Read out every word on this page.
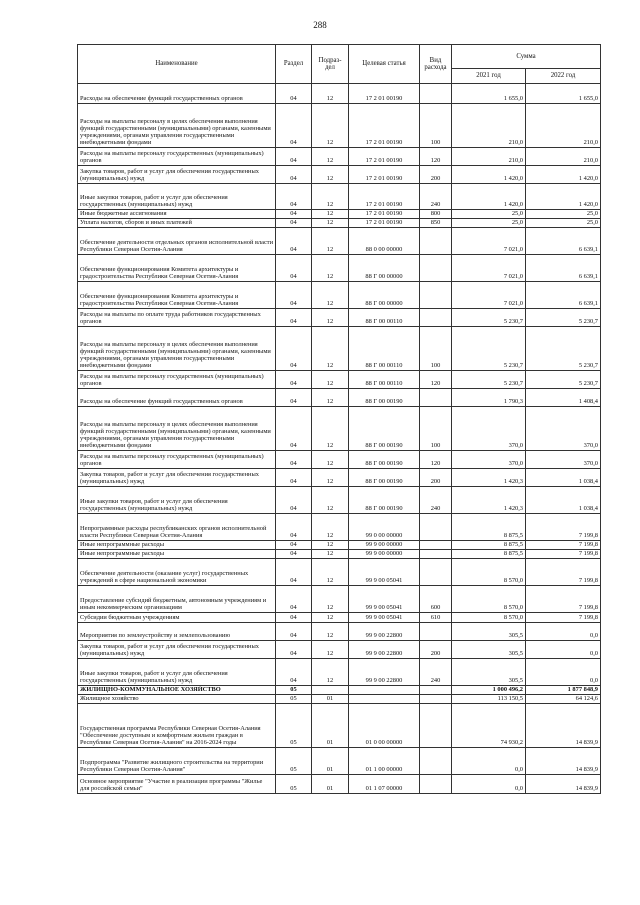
288
Наименование	Раздел	Подраз-дел	Целевая статья	Вид расхода	Сумма	
					2021 год	2022 год
Расходы на обеспечение функций государственных органов	04	12	17 2 01 00190		1 655,0	1 655,0
Расходы на выплаты персоналу в целях обеспечения выполнения функций государственными (муниципальными) органами, казенными учреждениями, органами управления государственными внебюджетными фондами	04	12	17 2 01 00190	100	210,0	210,0
Расходы на выплаты персоналу государственных (муниципальных) органов	04	12	17 2 01 00190	120	210,0	210,0
Закупка товаров, работ и услуг для обеспечения государственных (муниципальных) нужд	04	12	17 2 01 00190	200	1 420,0	1 420,0
Иные закупки товаров, работ и услуг для обеспечения государственных (муниципальных) нужд	04	12	17 2 01 00190	240	1 420,0	1 420,0
Иные бюджетные ассигнования	04	12	17 2 01 00190	800	25,0	25,0
Уплата налогов, сборов и иных платежей	04	12	17 2 01 00190	850	25,0	25,0
Обеспечение деятельности отдельных органов исполнительной власти Республики Северная Осетия-Алания	04	12	88 0 00 00000		7 021,0	6 639,1
Обеспечение функционирования Комитета архитектуры и градостроительства Республики Северная Осетия-Алания	04	12	88 Г 00 00000		7 021,0	6 639,1
Обеспечение функционирования Комитета архитектуры и градостроительства Республики Северная Осетия-Алания	04	12	88 Г 00 00000		7 021,0	6 639,1
Расходы на выплаты по оплате труда работников государственных органов	04	12	88 Г 00 00110		5 230,7	5 230,7
Расходы на выплаты персоналу в целях обеспечения выполнения функций государственными (муниципальными) органами, казенными учреждениями, органами управления государственными внебюджетными фондами	04	12	88 Г 00 00110	100	5 230,7	5 230,7
Расходы на выплаты персоналу государственных (муниципальных) органов	04	12	88 Г 00 00110	120	5 230,7	5 230,7
Расходы на обеспечение функций государственных органов	04	12	88 Г 00 00190		1 790,3	1 408,4
Расходы на выплаты персоналу в целях обеспечения выполнения функций государственными (муниципальными) органами, казенными учреждениями, органами управления государственными внебюджетными фондами	04	12	88 Г 00 00190	100	370,0	370,0
Расходы на выплаты персоналу государственных (муниципальных) органов	04	12	88 Г 00 00190	120	370,0	370,0
Закупка товаров, работ и услуг для обеспечения государственных (муниципальных) нужд	04	12	88 Г 00 00190	200	1 420,3	1 038,4
Иные закупки товаров, работ и услуг для обеспечения государственных (муниципальных) нужд	04	12	88 Г 00 00190	240	1 420,3	1 038,4
Непрограммные расходы республиканских органов исполнительной власти Республики Северная Осетия-Алания	04	12	99 0 00 00000		8 875,5	7 199,8
Иные непрограммные расходы	04	12	99 9 00 00000		8 875,5	7 199,8
Иные непрограммные расходы	04	12	99 9 00 00000		8 875,5	7 199,8
Обеспечение деятельности (оказание услуг) государственных учреждений в сфере национальной экономики	04	12	99 9 00 05041		8 570,0	7 199,8
Предоставление субсидий бюджетным, автономным учреждениям и иным некоммерческим организациям	04	12	99 9 00 05041	600	8 570,0	7 199,8
Субсидии бюджетным учреждениям	04	12	99 9 00 05041	610	8 570,0	7 199,8
Мероприятия по землеустройству и землепользованию	04	12	99 9 00 22800		305,5	0,0
Закупка товаров, работ и услуг для обеспечения государственных (муниципальных) нужд	04	12	99 9 00 22800	200	305,5	0,0
Иные закупки товаров, работ и услуг для обеспечения государственных (муниципальных) нужд	04	12	99 9 00 22800	240	305,5	0,0
ЖИЛИЩНО-КОММУНАЛЬНОЕ ХОЗЯЙСТВО	05				1 000 496,2	1 877 848,9
Жилищное хозяйство	05	01			113 150,5	64 124,6
Государственная программа Республики Северная Осетия-Алания "Обеспечение доступным и комфортным жильем граждан в Республике Северная Осетия-Алания" на 2016-2024 годы	05	01	01 0 00 00000		74 930,2	14 839,9
Подпрограмма "Развитие жилищного строительства на территории Республики Северная Осетия-Алания"	05	01	01 1 00 00000		0,0	14 839,9
Основное мероприятие "Участие в реализации программы "Жилье для российской семьи"	05	01	01 1 07 00000		0,0	14 839,9
